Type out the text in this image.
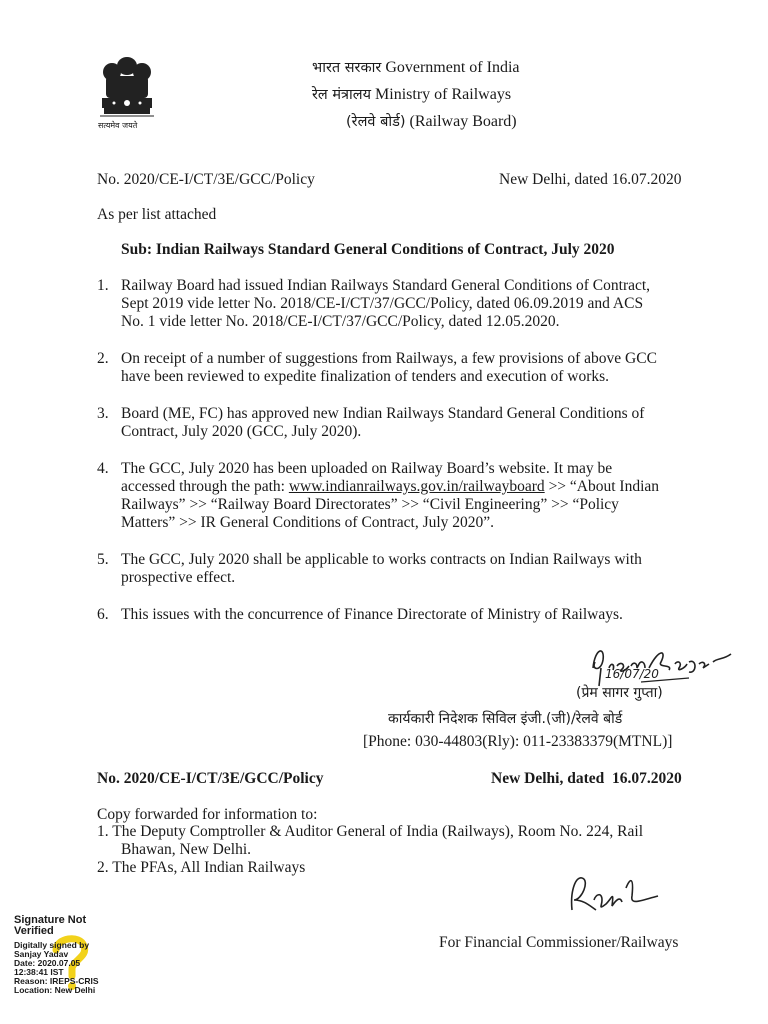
सत्यमेव जयते
भारत सरकार Government of India
रेल मंत्रालय Ministry of Railways
(रेलवे बोर्ड) (Railway Board)
No. 2020/CE-I/CT/3E/GCC/Policy	New Delhi, dated 16.07.2020
As per list attached
Sub: Indian Railways Standard General Conditions of Contract, July 2020
1. Railway Board had issued Indian Railways Standard General Conditions of Contract,
Sept 2019 vide letter No. 2018/CE-I/CT/37/GCC/Policy, dated 06.09.2019 and ACS
No. 1 vide letter No. 2018/CE-I/CT/37/GCC/Policy, dated 12.05.2020.
2. On receipt of a number of suggestions from Railways, a few provisions of above GCC
have been reviewed to expedite finalization of tenders and execution of works.
3. Board (ME, FC) has approved new Indian Railways Standard General Conditions of
Contract, July 2020 (GCC, July 2020).
4. The GCC, July 2020 has been uploaded on Railway Board’s website. It may be
accessed through the path: www.indianrailways.gov.in/railwayboard >> “About Indian
Railways” >> “Railway Board Directorates” >> “Civil Engineering” >> “Policy
Matters” >> IR General Conditions of Contract, July 2020”.
5. The GCC, July 2020 shall be applicable to works contracts on Indian Railways with
prospective effect.
6. This issues with the concurrence of Finance Directorate of Ministry of Railways.
16/07/20
(प्रेम सागर गुप्ता)
कार्यकारी निदेशक सिविल इंजी.(जी)/रेलवे बोर्ड
[Phone: 030-44803(Rly): 011-23383379(MTNL)]
No. 2020/CE-I/CT/3E/GCC/Policy	New Delhi, dated  16.07.2020
Copy forwarded for information to:
1. The Deputy Comptroller & Auditor General of India (Railways), Room No. 224, Rail
Bhawan, New Delhi.
2. The PFAs, All Indian Railways
For Financial Commissioner/Railways
Signature Not
Verified
Digitally signed by
Sanjay Yadav
Date: 2020.07.05
12:38:41 IST
Reason: IREPS-CRIS
Location: New Delhi
